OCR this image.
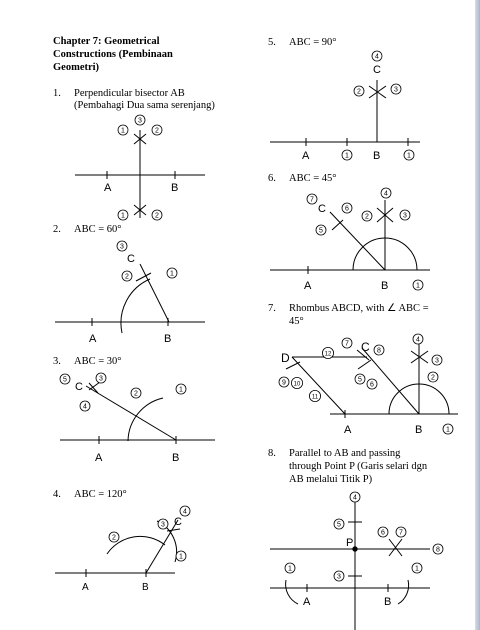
Chapter 7: Geometrical
Constructions (Pembinaan
Geometri)
1. Perpendicular bisector AB
(Pembahagi Dua sama serenjang)
2. ABC = 60°
3. ABC = 30°
4. ABC = 120°
5. ABC = 90°
6. ABC = 45°
7. Rhombus ABCD, with ∠ ABC =
45°
8. Parallel to AB and passing
through Point P (Garis selari dgn
AB melalui Titik P)
A	B
C
A	B
C
A	B
C
A	B
C
A	B
C
A	B
D
C
A	B
P
A	B
1
3
2
1	2
3
2	1
5	3
4
2
1
2
3
4
1
4
2	3
1	1
4
7
6
2	3
5
1
4
7
8
12
3
2
5
6
9 10
11
1
4
5
6 7
8
3
1	1
